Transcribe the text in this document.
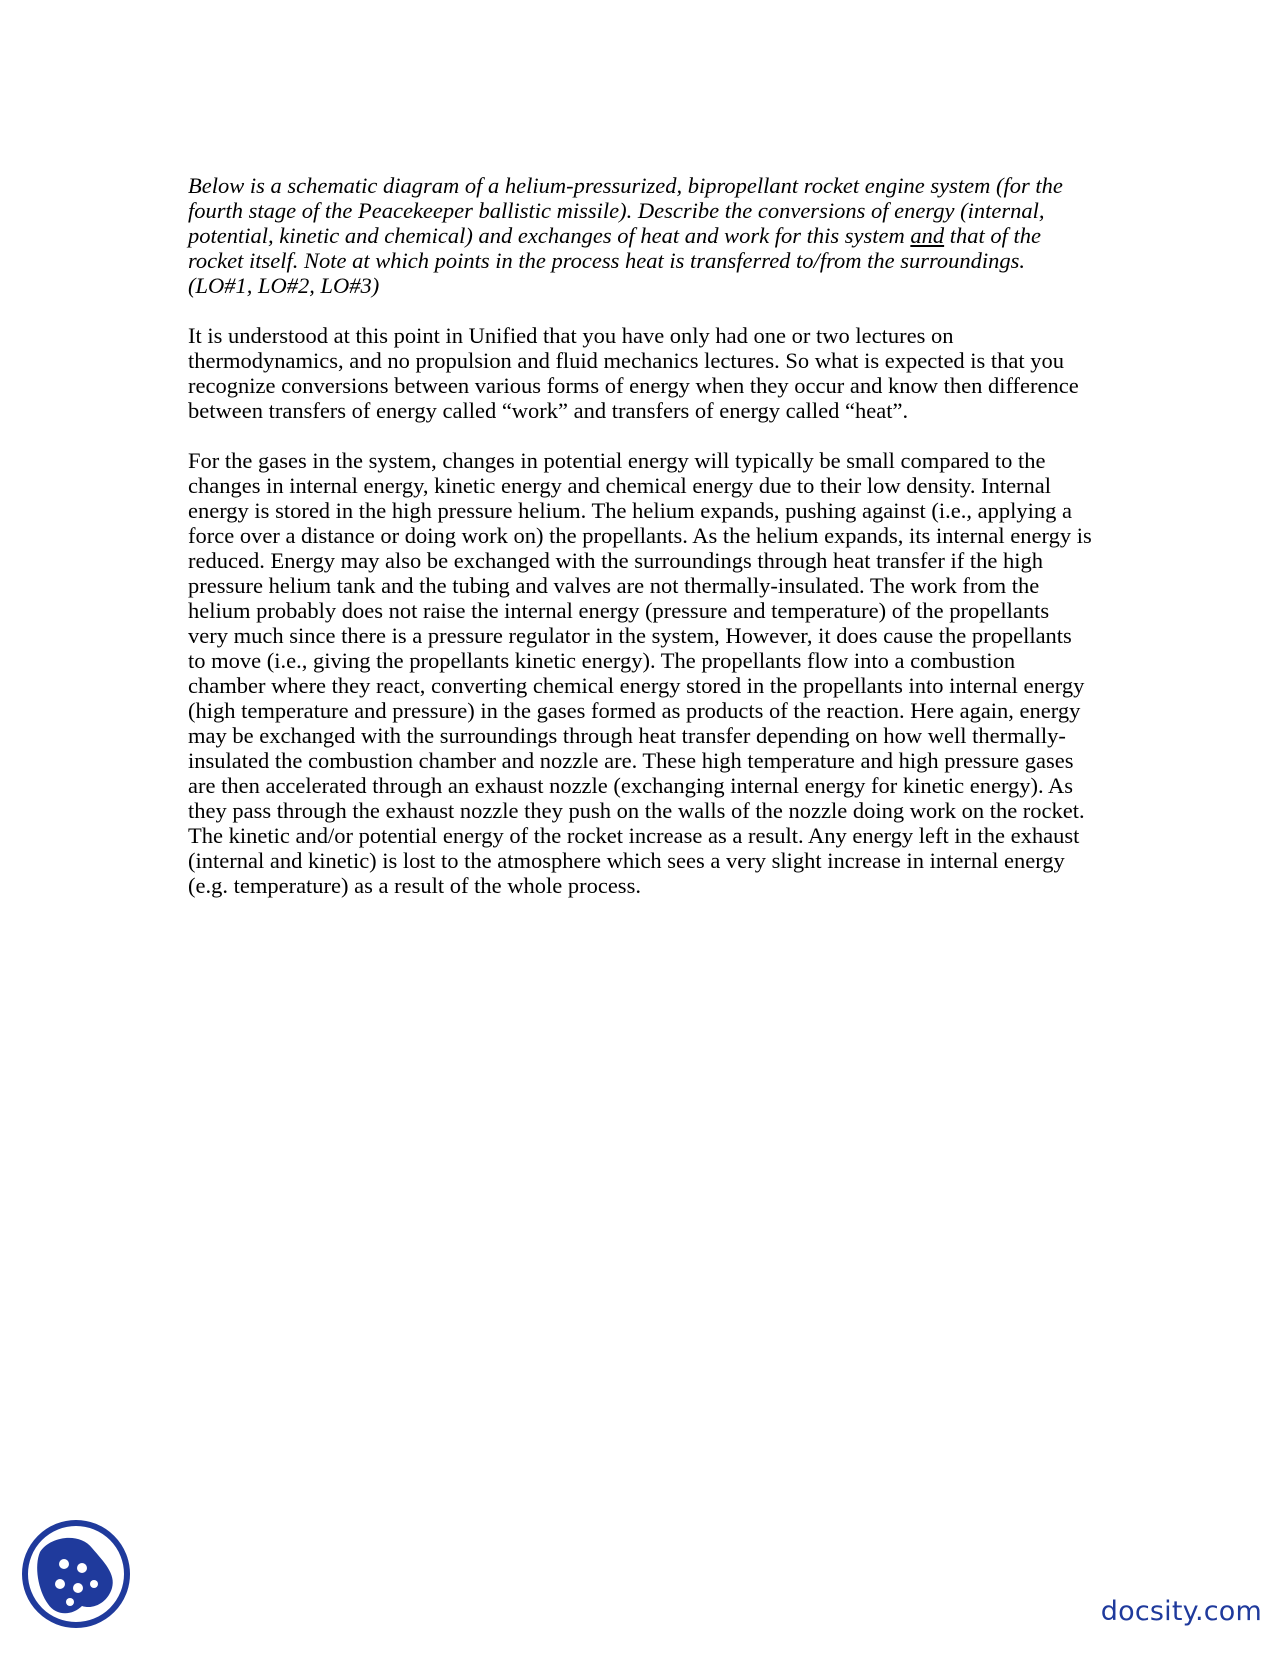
Below is a schematic diagram of a helium-pressurized, bipropellant rocket engine system (for the fourth stage of the Peacekeeper ballistic missile). Describe the conversions of energy (internal, potential, kinetic and chemical) and exchanges of heat and work for this system and that of the rocket itself. Note at which points in the process heat is transferred to/from the surroundings. (LO#1, LO#2, LO#3)

It is understood at this point in Unified that you have only had one or two lectures on thermodynamics, and no propulsion and fluid mechanics lectures. So what is expected is that you recognize conversions between various forms of energy when they occur and know then difference between transfers of energy called “work” and transfers of energy called “heat”.

For the gases in the system, changes in potential energy will typically be small compared to the changes in internal energy, kinetic energy and chemical energy due to their low density. Internal energy is stored in the high pressure helium. The helium expands, pushing against (i.e., applying a force over a distance or doing work on) the propellants. As the helium expands, its internal energy is reduced. Energy may also be exchanged with the surroundings through heat transfer if the high pressure helium tank and the tubing and valves are not thermally-insulated. The work from the helium probably does not raise the internal energy (pressure and temperature) of the propellants very much since there is a pressure regulator in the system, However, it does cause the propellants to move (i.e., giving the propellants kinetic energy). The propellants flow into a combustion chamber where they react, converting chemical energy stored in the propellants into internal energy (high temperature and pressure) in the gases formed as products of the reaction. Here again, energy may be exchanged with the surroundings through heat transfer depending on how well thermally-insulated the combustion chamber and nozzle are. These high temperature and high pressure gases are then accelerated through an exhaust nozzle (exchanging internal energy for kinetic energy). As they pass through the exhaust nozzle they push on the walls of the nozzle doing work on the rocket. The kinetic and/or potential energy of the rocket increase as a result. Any energy left in the exhaust (internal and kinetic) is lost to the atmosphere which sees a very slight increase in internal energy (e.g. temperature) as a result of the whole process.

docsity.com
